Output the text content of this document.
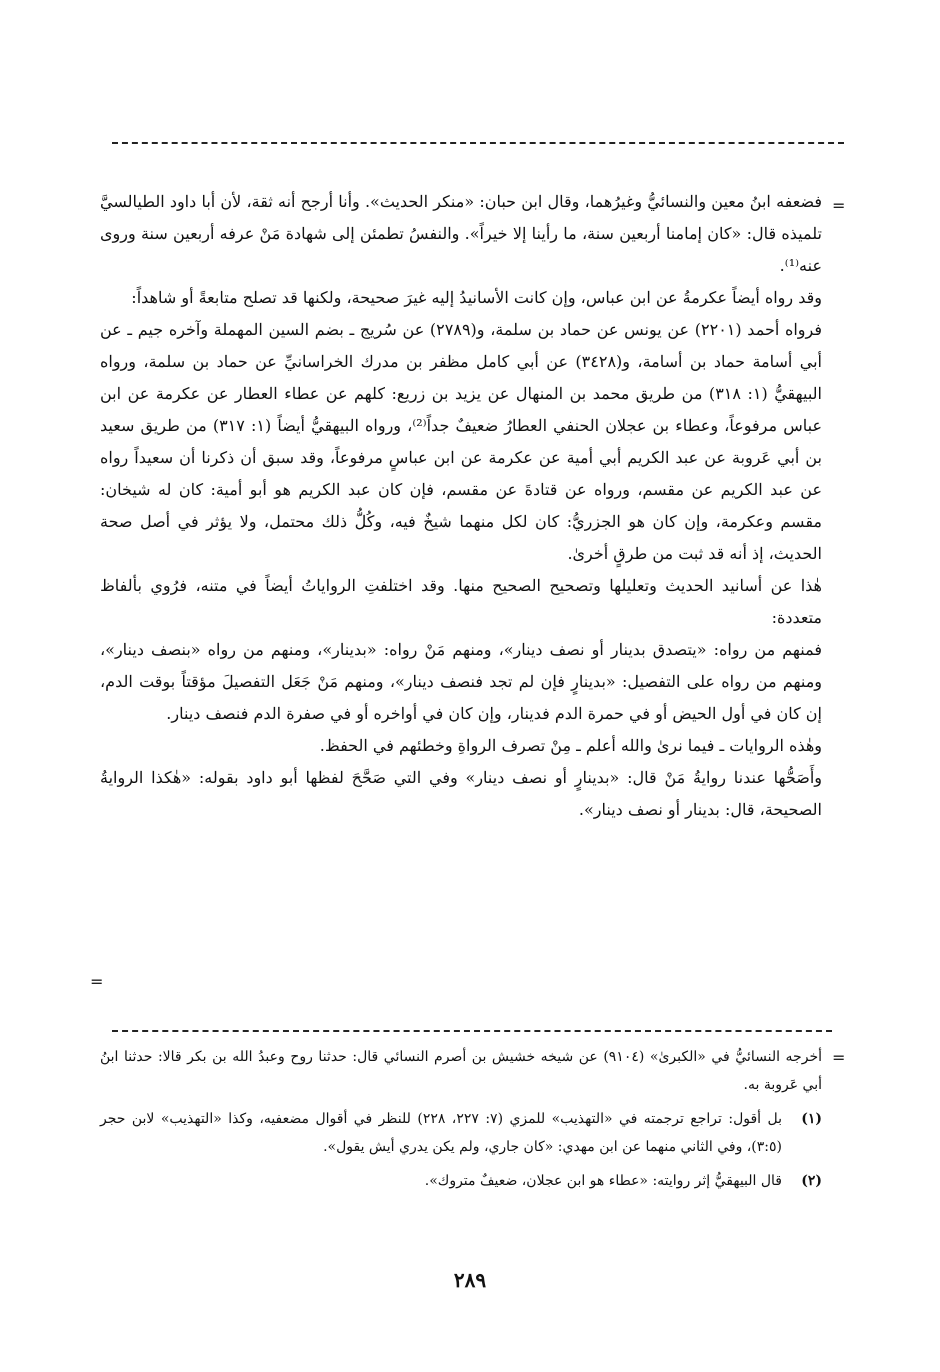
=

فضعفه ابنُ معين والنسائيُّ وغيرُهما، وقال ابن حبان: «منكر الحديث». وأنا أرجح أنه ثقة، لأن أبا داود الطيالسيَّ تلميذه قال: «كان إمامنا أربعين سنة، ما رأينا إلا خيراً». والنفسُ تطمئن إلى شهادة مَنْ عرفه أربعين سنة وروى عنه⁽¹⁾.

وقد رواه أيضاً عكرمةُ عن ابن عباس، وإن كانت الأسانيدُ إليه غيرَ صحيحة، ولكنها قد تصلح متابعةً أو شاهداً:

فرواه أحمد (٢٢٠١) عن يونس عن حماد بن سلمة، و(٢٧٨٩) عن سُريج ـ بضم السين المهملة وآخره جيم ـ عن أبي أسامة حماد بن أسامة، و(٣٤٢٨) عن أبي كامل مظفر بن مدرك الخراسانيِّ عن حماد بن سلمة، ورواه البيهقيُّ (١: ٣١٨) من طريق محمد بن المنهال عن يزيد بن زريع: كلهم عن عطاء العطار عن عكرمة عن ابن عباس مرفوعاً، وعطاء بن عجلان الحنفي العطارُ ضعيفٌ جداً⁽²⁾، ورواه البيهقيُّ أيضاً (١: ٣١٧) من طريق سعيد بن أبي عَروبة عن عبد الكريم أبي أمية عن عكرمة عن ابن عباسٍ مرفوعاً، وقد سبق أن ذكرنا أن سعيداً رواه عن عبد الكريم عن مقسم، ورواه عن قتادةَ عن مقسم، فإن كان عبد الكريم هو أبو أمية: كان له شيخان: مقسم وعكرمة، وإن كان هو الجزريُّ: كان لكل منهما شيخٌ فيه، وكُلُّ ذلك محتمل، ولا يؤثر في أصل صحة الحديث، إذ أنه قد ثبت من طرقٍ أخرىٰ.

هٰذا عن أسانيد الحديث وتعليلها وتصحيح الصحيح منها. وقد اختلفتِ الرواياتُ أيضاً في متنه، فرُوي بألفاظ متعددة:

فمنهم من رواه: «يتصدق بدينار أو نصف دينار»، ومنهم مَنْ رواه: «بدينار»، ومنهم من رواه «بنصف دينار»، ومنهم من رواه على التفصيل: «بدينارٍ فإن لم تجد فنصف دينار»، ومنهم مَنْ جَعَل التفصيلَ مؤقتاً بوقت الدم، إن كان في أول الحيض أو في حمرة الدم فدينار، وإن كان في أواخره أو في صفرة الدم فنصف دينار.

وهٰذه الروايات ـ فيما نرىٰ والله أعلم ـ مِنْ تصرف الرواةِ وخطئهم في الحفظ.

وأَصَحُّها عندنا روايةُ مَنْ قال: «بدينارٍ أو نصف دينار» وفي التي صَحَّحَ لفظها أبو داود بقوله: «هٰكذا الروايةُ الصحيحة، قال: بدينار أو نصف دينار».

=
=

أخرجه النسائيُّ في «الكبرىٰ» (٩١٠٤) عن شيخه خشيش بن أصرم النسائي قال: حدثنا روح وعبدُ الله بن بكر قالا: حدثنا ابنُ أبي عَروبة به.

(١)
بل أقول: تراجع ترجمته في «التهذيب» للمزي (٧: ٢٢٧، ٢٢٨) للنظر في أقوال مضعفيه، وكذا «التهذيب» لابن حجر (٣:٥)، وفي الثاني منهما عن ابن مهدي: «كان جاري، ولم يكن يدري أيش يقول».
(٢)
قال البيهقيُّ إثر روايته: «عطاء هو ابن عجلان، ضعيفٌ متروك».
٢٨٩
